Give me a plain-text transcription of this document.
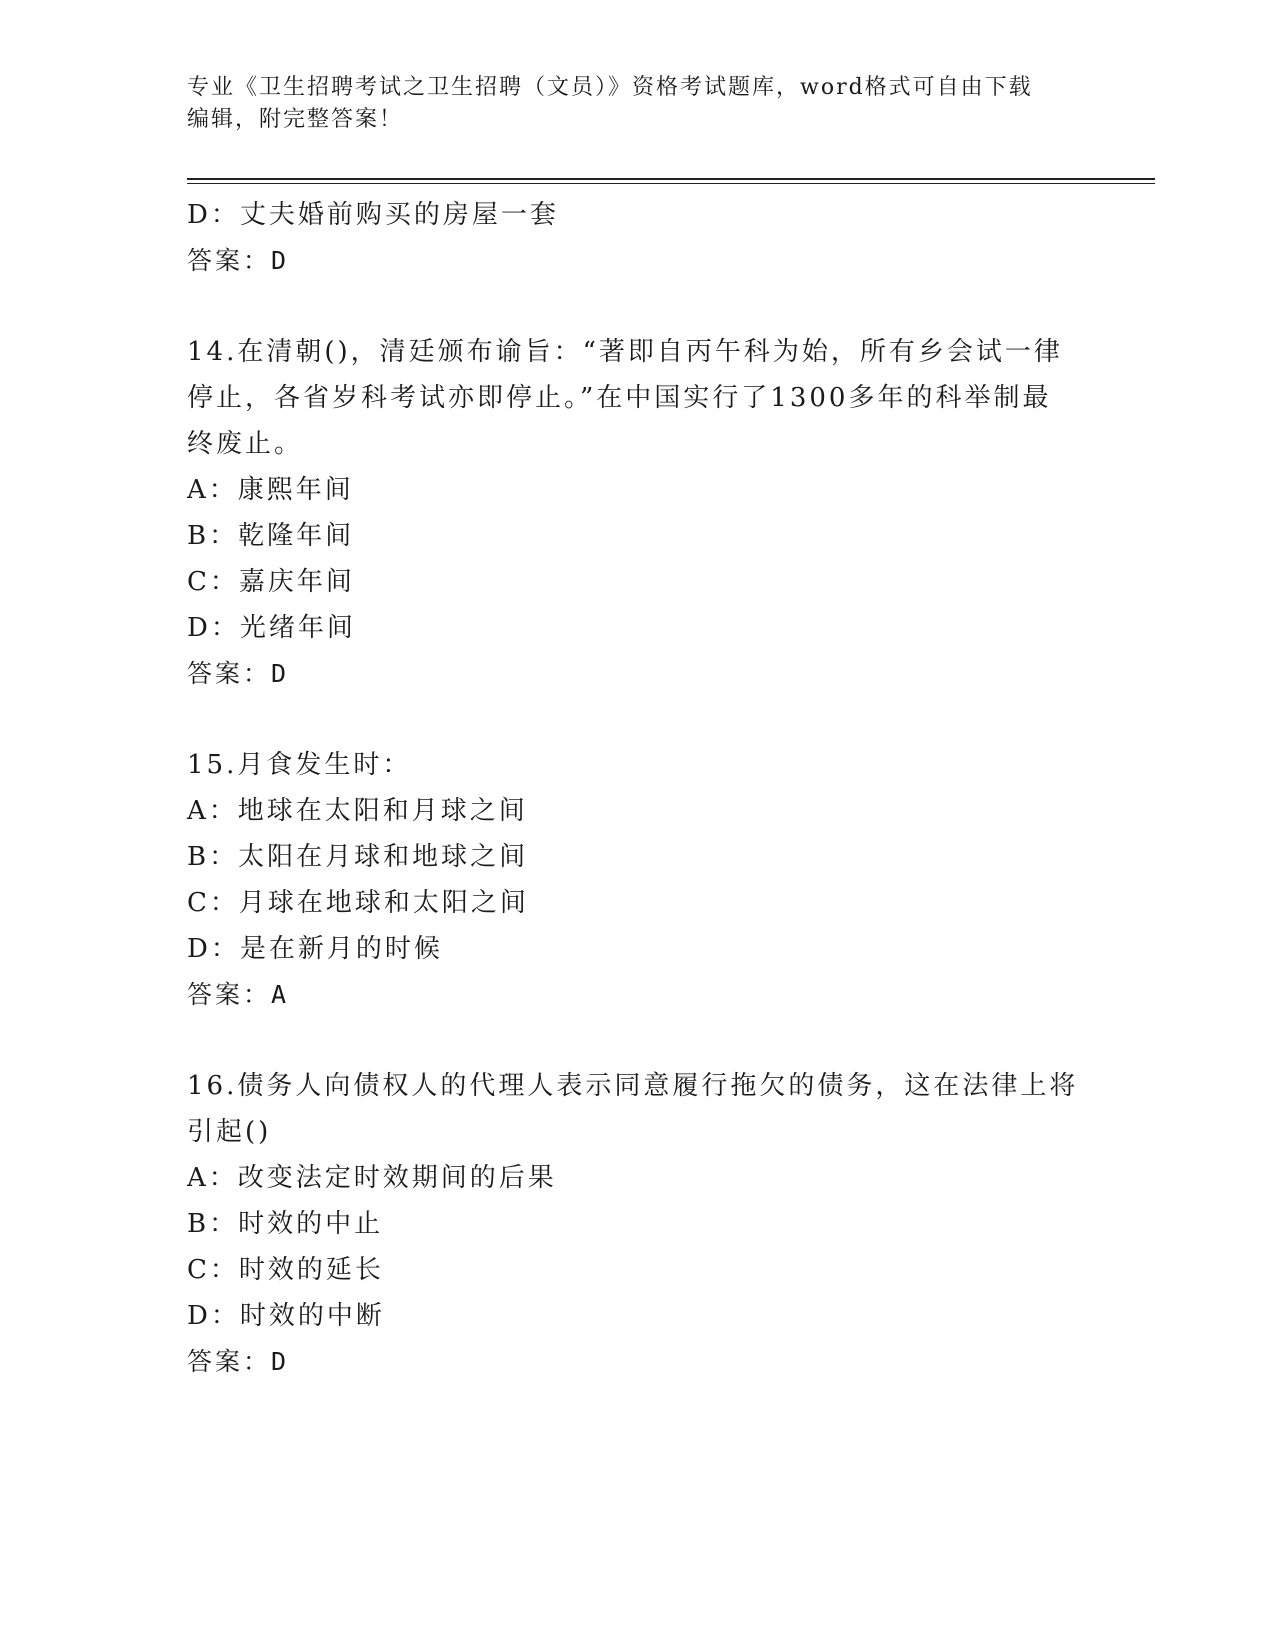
专业《卫生招聘考试之卫生招聘（文员）》资格考试题库，word格式可自由下载
编辑，附完整答案！
D：丈夫婚前购买的房屋一套
答案：D
14.在清朝()，清廷颁布谕旨：“著即自丙午科为始，所有乡会试一律
停止，各省岁科考试亦即停止。”在中国实行了1300多年的科举制最
终废止。
A：康熙年间
B：乾隆年间
C：嘉庆年间
D：光绪年间
答案：D
15.月食发生时：
A：地球在太阳和月球之间
B：太阳在月球和地球之间
C：月球在地球和太阳之间
D：是在新月的时候
答案：A
16.债务人向债权人的代理人表示同意履行拖欠的债务，这在法律上将
引起()
A：改变法定时效期间的后果
B：时效的中止
C：时效的延长
D：时效的中断
答案：D
